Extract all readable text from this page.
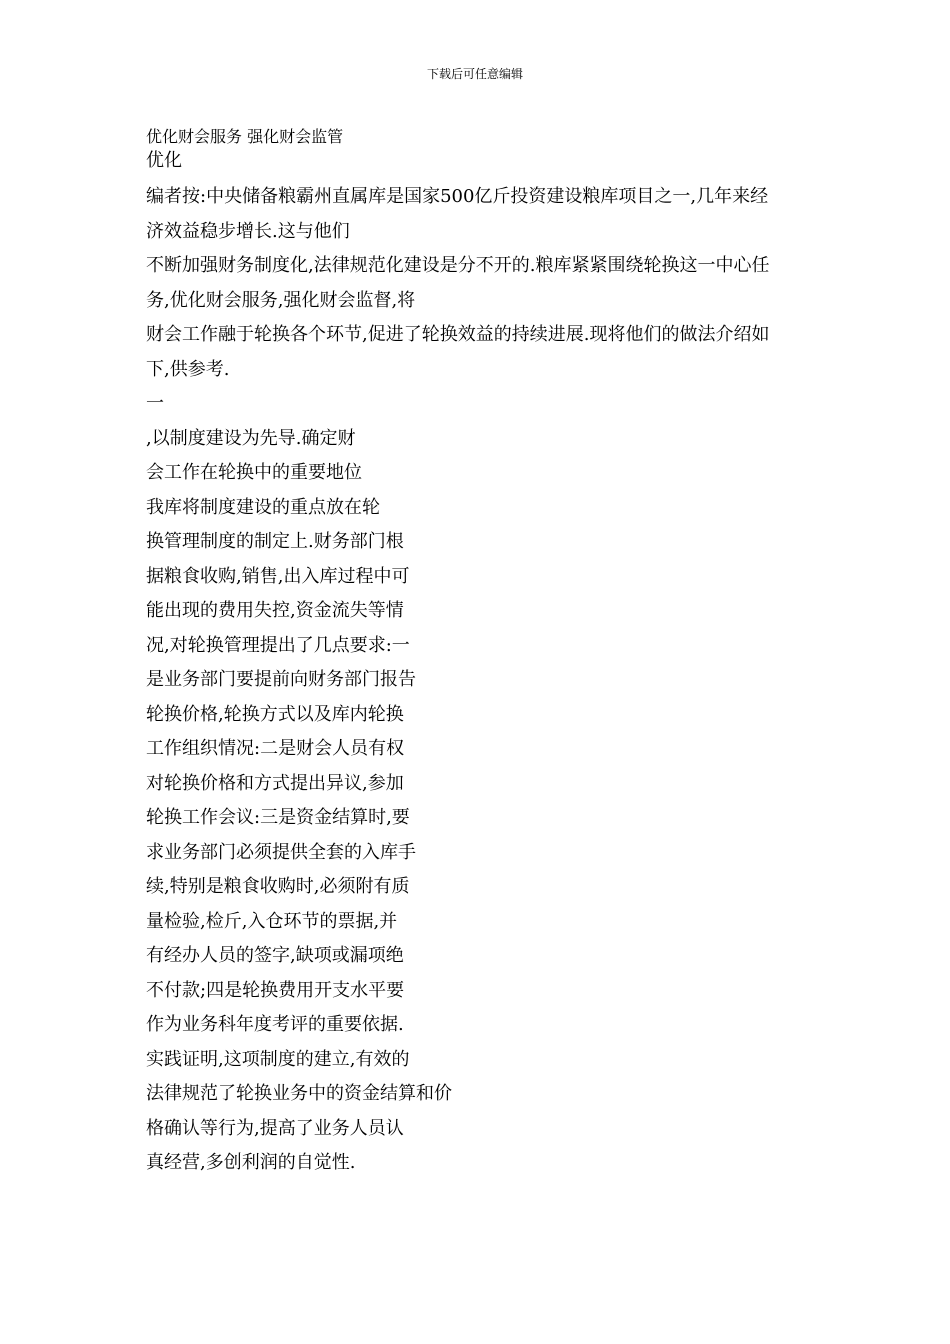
下载后可任意编辑
优化财会服务 强化财会监管
优化
编者按:中央储备粮霸州直属库是国家500亿斤投资建设粮库项目之一,几年来经
济效益稳步增长.这与他们
不断加强财务制度化,法律规范化建设是分不开的.粮库紧紧围绕轮换这一中心任
务,优化财会服务,强化财会监督,将
财会工作融于轮换各个环节,促进了轮换效益的持续进展.现将他们的做法介绍如
下,供参考.
一
,以制度建设为先导.确定财
会工作在轮换中的重要地位
我库将制度建设的重点放在轮
换管理制度的制定上.财务部门根
据粮食收购,销售,出入库过程中可
能出现的费用失控,资金流失等情
况,对轮换管理提出了几点要求:一
是业务部门要提前向财务部门报告
轮换价格,轮换方式以及库内轮换
工作组织情况:二是财会人员有权
对轮换价格和方式提出异议,参加
轮换工作会议:三是资金结算时,要
求业务部门必须提供全套的入库手
续,特别是粮食收购时,必须附有质
量检验,检斤,入仓环节的票据,并
有经办人员的签字,缺项或漏项绝
不付款;四是轮换费用开支水平要
作为业务科年度考评的重要依据.
实践证明,这项制度的建立,有效的
法律规范了轮换业务中的资金结算和价
格确认等行为,提高了业务人员认
真经营,多创利润的自觉性.
